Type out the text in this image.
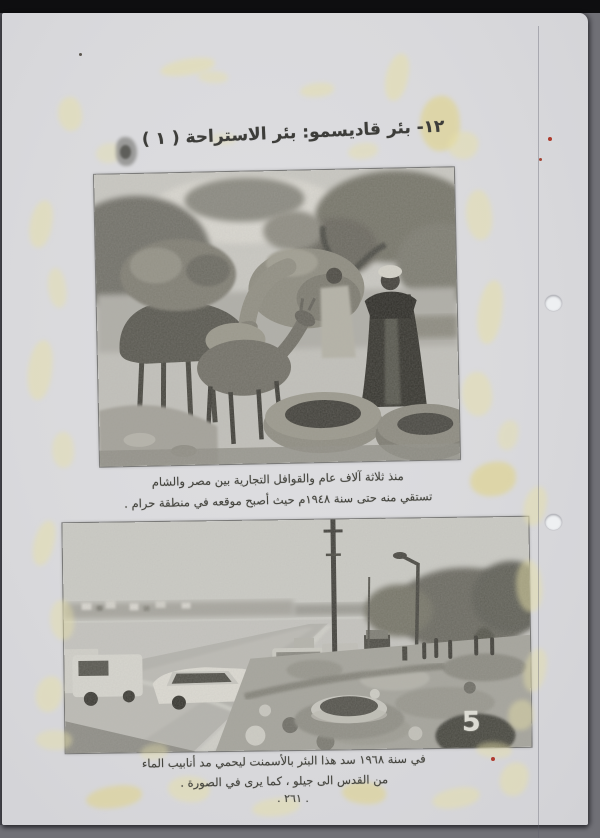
١٢- بئر قاديسمو: بئر الاستراحة ( ١ )
منذ ثلاثة آلاف عام والقوافل التجارية بين مصر والشام
تستقي منه حتى سنة ١٩٤٨م حيث أصبح موقعه في منطقة حرام .
5
في سنة ١٩٦٨ سد هذا البئر بالأسمنت ليحمي مد أنابيب الماء
من القدس الى جيلو ، كما يرى في الصورة .
. ٢٦١ .
